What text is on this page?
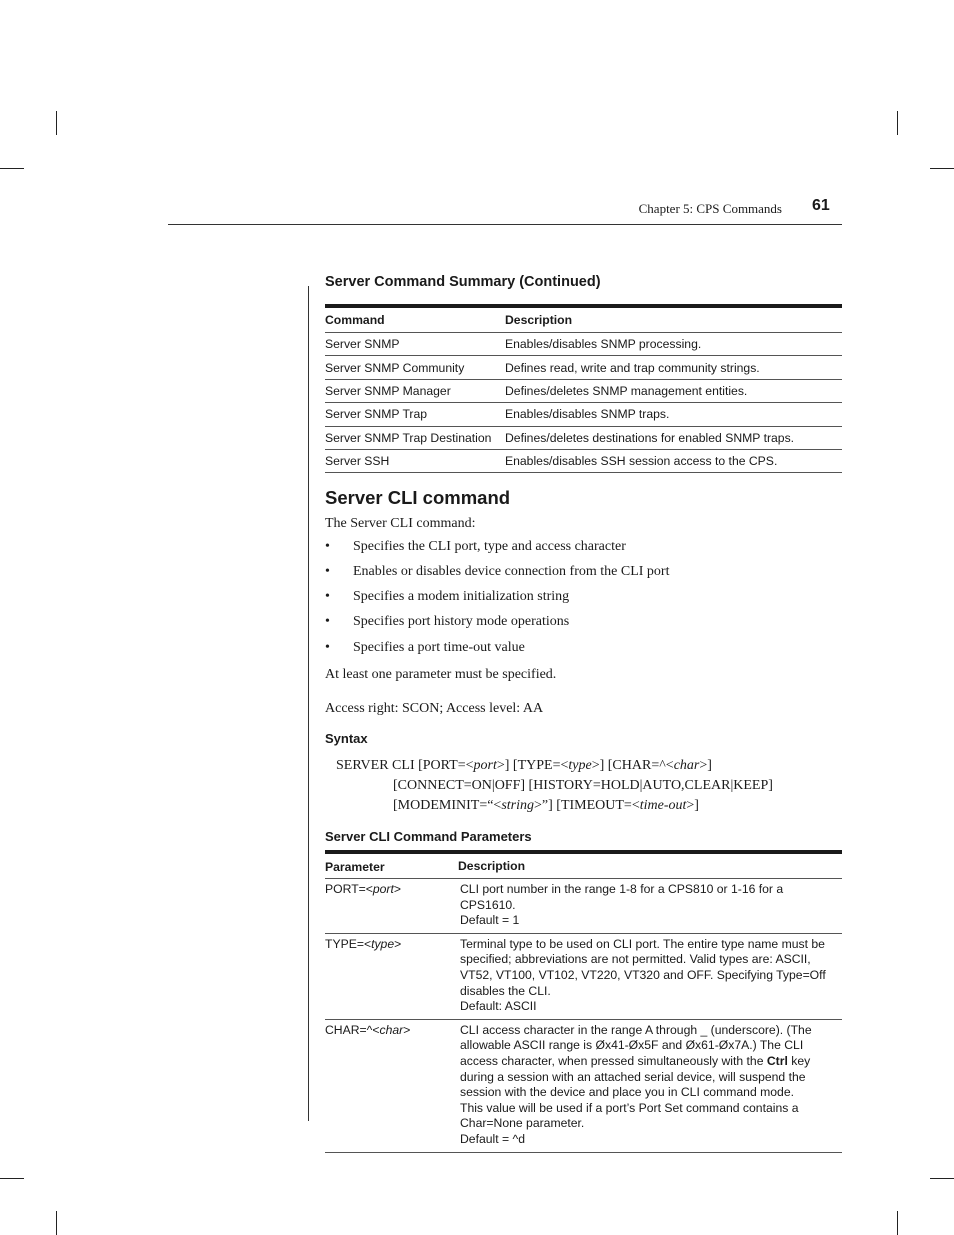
Chapter 5: CPS Commands 61
Server Command Summary (Continued)
Command	Description
Server SNMP	Enables/disables SNMP processing.
Server SNMP Community	Defines read, write and trap community strings.
Server SNMP Manager	Defines/deletes SNMP management entities.
Server SNMP Trap	Enables/disables SNMP traps.
Server SNMP Trap Destination	Defines/deletes destinations for enabled SNMP traps.
Server SSH	Enables/disables SSH session access to the CPS.
Server CLI command
The Server CLI command:
• Specifies the CLI port, type and access character
• Enables or disables device connection from the CLI port
• Specifies a modem initialization string
• Specifies port history mode operations
• Specifies a port time-out value
At least one parameter must be specified.
Access right: SCON; Access level: AA
Syntax
SERVER CLI [PORT=<port>] [TYPE=<type>] [CHAR=^<char>]
[CONNECT=ON|OFF] [HISTORY=HOLD|AUTO,CLEAR|KEEP]
[MODEMINIT=“<string>”] [TIMEOUT=<time-out>]
Server CLI Command Parameters
Parameter	Description
PORT=<port>	CLI port number in the range 1-8 for a CPS810 or 1-16 for a CPS1610.
Default = 1
TYPE=<type>	Terminal type to be used on CLI port. The entire type name must be
specified; abbreviations are not permitted. Valid types are: ASCII,
VT52, VT100, VT102, VT220, VT320 and OFF. Specifying Type=Off
disables the CLI.
Default: ASCII
CHAR=^<char>	CLI access character in the range A through _ (underscore). (The
allowable ASCII range is Øx41-Øx5F and Øx61-Øx7A.) The CLI
access character, when pressed simultaneously with the Ctrl key
during a session with an attached serial device, will suspend the
session with the device and place you in CLI command mode.
This value will be used if a port’s Port Set command contains a
Char=None parameter.
Default = ^d
